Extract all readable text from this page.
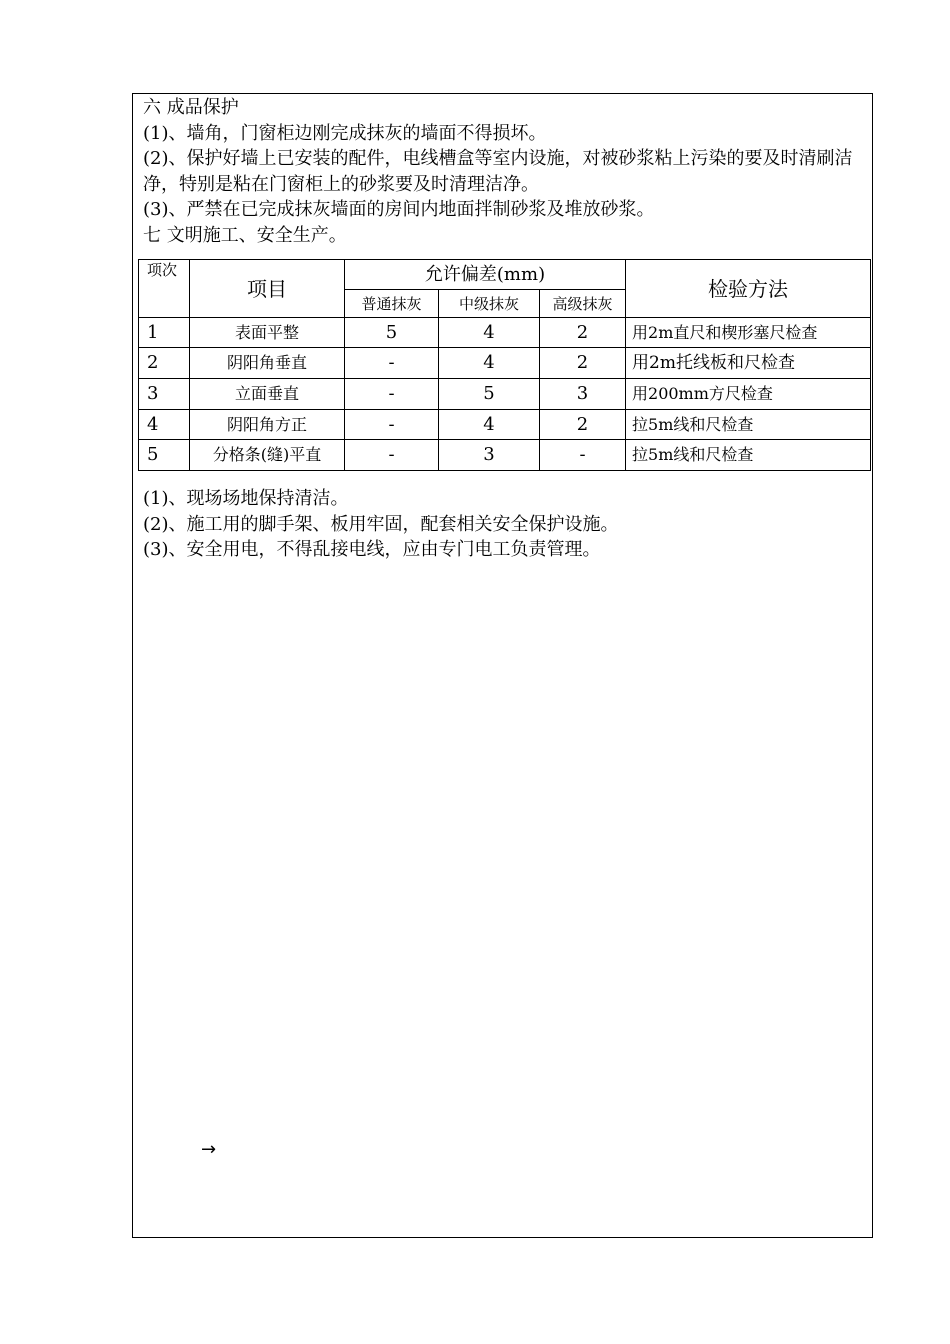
六 成品保护
(1)、墙角，门窗柜边刚完成抹灰的墙面不得损坏。
(2)、保护好墙上已安装的配件，电线槽盒等室内设施，对被砂浆粘上污染的要及时清刷洁净，特别是粘在门窗柜上的砂浆要及时清理洁净。
(3)、严禁在已完成抹灰墙面的房间内地面拌制砂浆及堆放砂浆。
七 文明施工、安全生产。
项次	项目	允许偏差(mm)			检验方法
		普通抹灰	中级抹灰	高级抹灰	
1	表面平整	5	4	2	用2m直尺和楔形塞尺检查
2	阴阳角垂直	-	4	2	用2m托线板和尺检查
3	立面垂直	-	5	3	用200mm方尺检查
4	阴阳角方正	-	4	2	拉5m线和尺检查
5	分格条(缝)平直	-	3	-	拉5m线和尺检查
(1)、现场场地保持清洁。
(2)、施工用的脚手架、板用牢固，配套相关安全保护设施。
(3)、安全用电，不得乱接电线，应由专门电工负责管理。
→
